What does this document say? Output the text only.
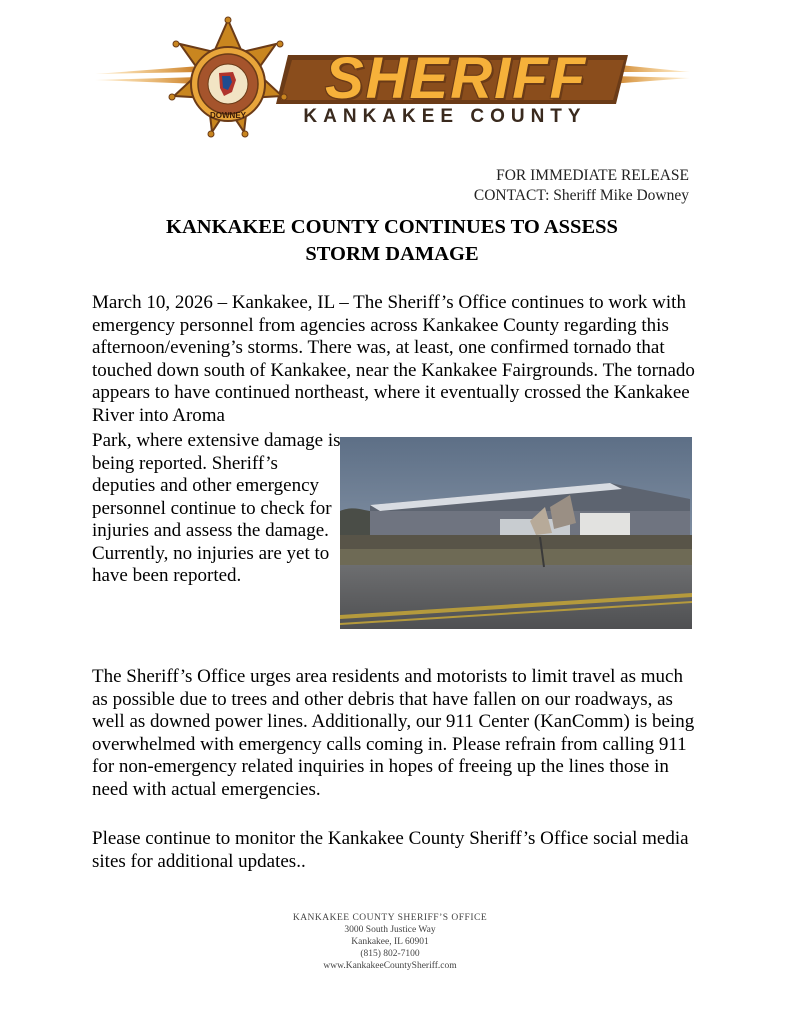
DOWNEY
SHERIFF
KANKAKEE COUNTY
FOR IMMEDIATE RELEASE
CONTACT: Sheriff Mike Downey
KANKAKEE COUNTY CONTINUES TO ASSESS
STORM DAMAGE
March 10, 2026 – Kankakee, IL – The Sheriff’s Office continues to work with emergency personnel from agencies across Kankakee County regarding this afternoon/evening’s storms. There was, at least, one confirmed tornado that touched down south of Kankakee, near the Kankakee Fairgrounds. The tornado appears to have continued northeast, where it eventually crossed the Kankakee River into Aroma
Park, where extensive damage is being reported. Sheriff’s deputies and other emergency personnel continue to check for injuries and assess the damage. Currently, no injuries are yet to have been reported.
The Sheriff’s Office urges area residents and motorists to limit travel as much as possible due to trees and other debris that have fallen on our roadways, as well as downed power lines. Additionally, our 911 Center (KanComm) is being overwhelmed with emergency calls coming in. Please refrain from calling 911 for non-emergency related inquiries in hopes of freeing up the lines those in need with actual emergencies.
Please continue to monitor the Kankakee County Sheriff’s Office social media sites for additional updates..
KANKAKEE COUNTY SHERIFF’S OFFICE
3000 South Justice Way
Kankakee, IL 60901
(815) 802-7100
www.KankakeeCountySheriff.com
